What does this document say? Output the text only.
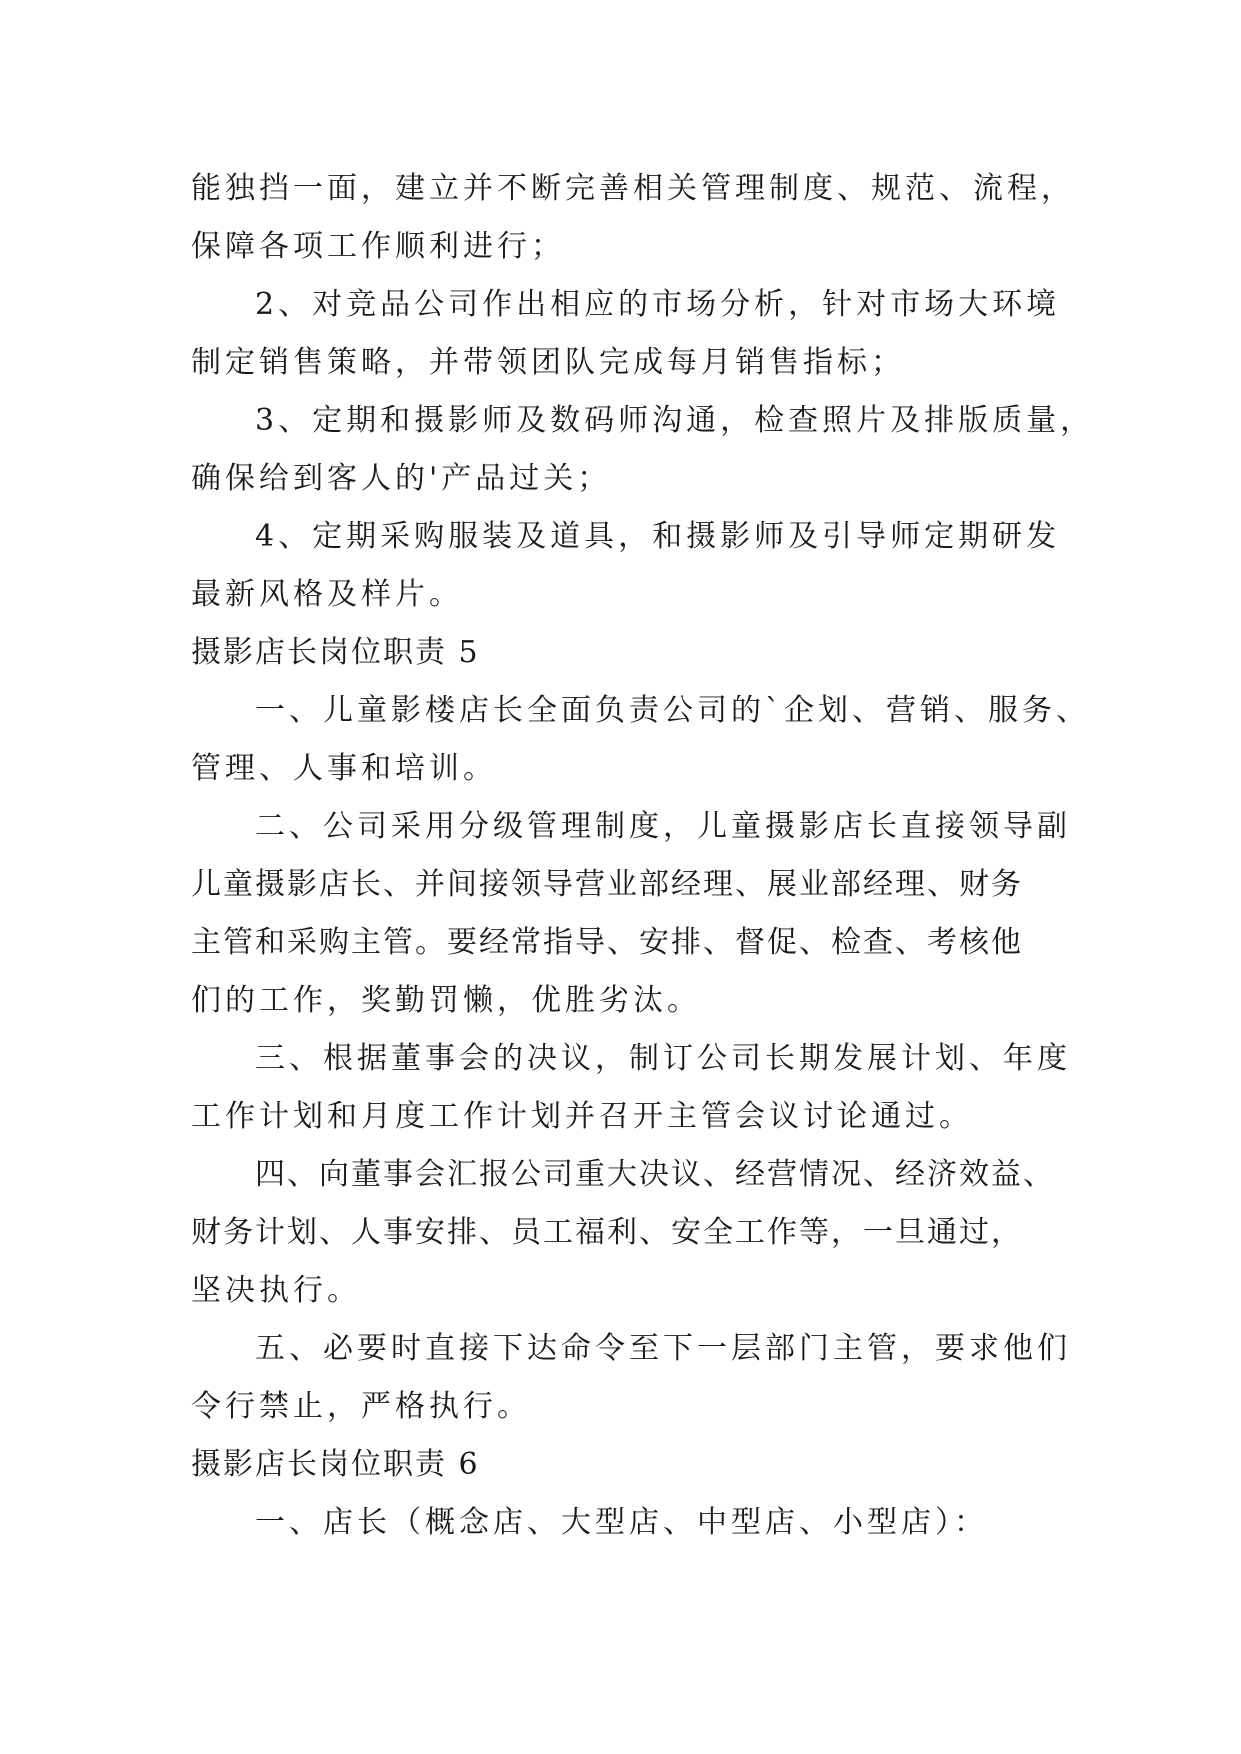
能独挡一面，建立并不断完善相关管理制度、规范、流程，
保障各项工作顺利进行；
2、对竞品公司作出相应的市场分析，针对市场大环境
制定销售策略，并带领团队完成每月销售指标；
3、定期和摄影师及数码师沟通，检查照片及排版质量，
确保给到客人的'产品过关；
4、定期采购服装及道具，和摄影师及引导师定期研发
最新风格及样片。
摄影店长岗位职责 5
一、儿童影楼店长全面负责公司的`企划、营销、服务、
管理、人事和培训。
二、公司采用分级管理制度，儿童摄影店长直接领导副
儿童摄影店长、并间接领导营业部经理、展业部经理、财务
主管和采购主管。要经常指导、安排、督促、检查、考核他
们的工作，奖勤罚懒，优胜劣汰。
三、根据董事会的决议，制订公司长期发展计划、年度
工作计划和月度工作计划并召开主管会议讨论通过。
四、向董事会汇报公司重大决议、经营情况、经济效益、
财务计划、人事安排、员工福利、安全工作等，一旦通过，
坚决执行。
五、必要时直接下达命令至下一层部门主管，要求他们
令行禁止，严格执行。
摄影店长岗位职责 6
一、店长（概念店、大型店、中型店、小型店）：
